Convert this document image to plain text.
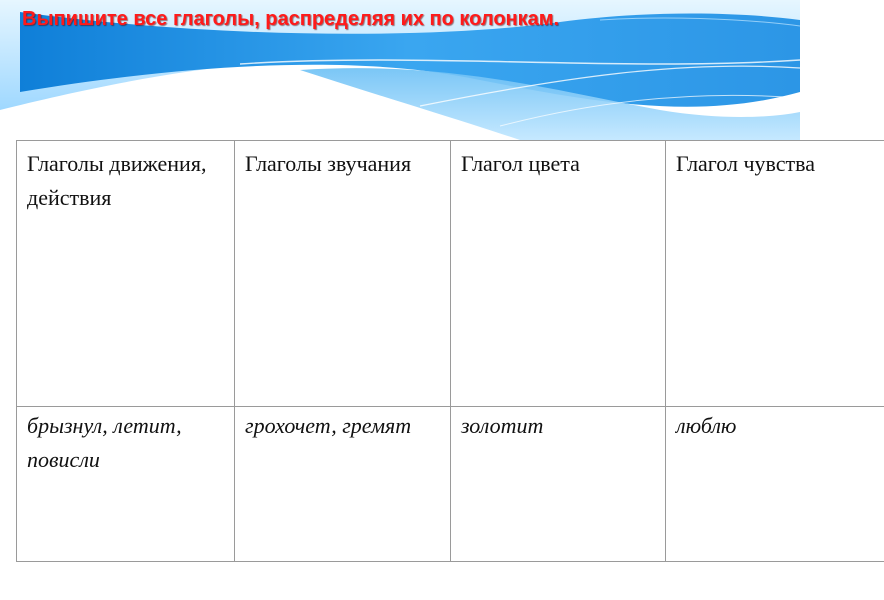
Выпишите все глаголы, распределяя их по колонкам.
Глаголы движения, действия	Глаголы звучания	Глагол цвета	Глагол чувства
брызнул, летит, повисли	грохочет, гремят	золотит	люблю
